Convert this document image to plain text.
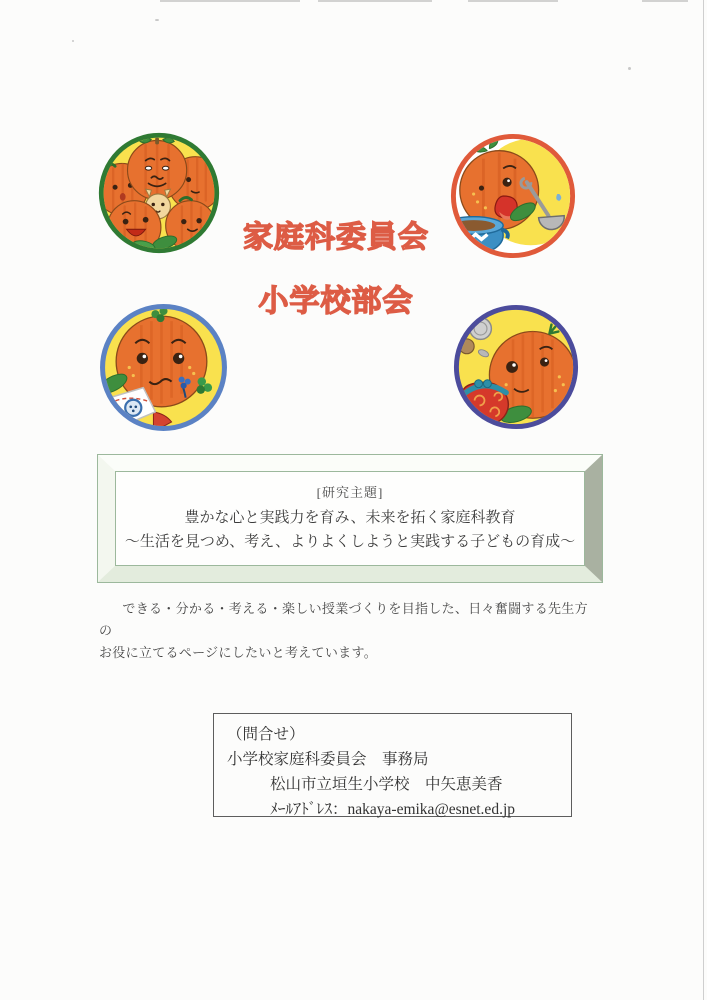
家庭科委員会
小学校部会
[研究主題]
豊かな心と実践力を育み、未来を拓く家庭科教育
～生活を見つめ、考え、よりよくしようと実践する子どもの育成～
できる・分かる・考える・楽しい授業づくりを目指した、日々奮闘する先生方の
お役に立てるページにしたいと考えています。
（問合せ）
小学校家庭科委員会　事務局
松山市立垣生小学校　中矢恵美香
ﾒｰﾙｱﾄﾞﾚｽ：nakaya-emika@esnet.ed.jp
